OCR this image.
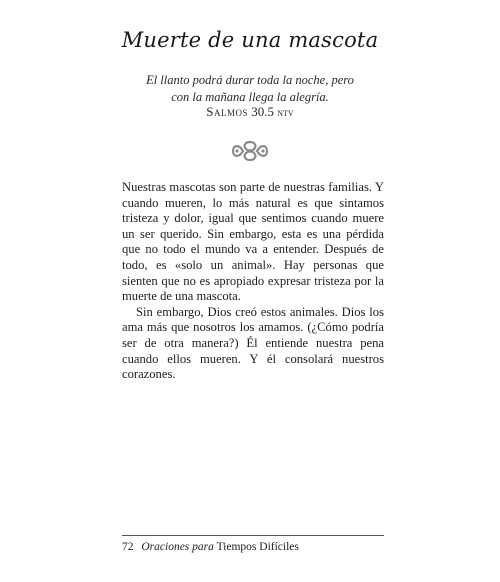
Muerte de una mascota
El llanto podrá durar toda la noche, pero
con la mañana llega la alegría.
Salmos 30.5 ntv

Nuestras mascotas son parte de nuestras familias. Y cuando mueren, lo más natural es que sintamos tristeza y dolor, igual que sentimos cuando muere un ser querido. Sin embargo, esta es una pérdida que no todo el mundo va a entender. Después de todo, es «solo un animal». Hay personas que sienten que no es apropiado expresar tristeza por la muerte de una mascota.

Sin embargo, Dios creó estos animales. Dios los ama más que nosotros los amamos. (¿Cómo podría ser de otra manera?) Él entiende nuestra pena cuando ellos mueren. Y él consolará nuestros corazones.

72 Oraciones para Tiempos Difíciles
